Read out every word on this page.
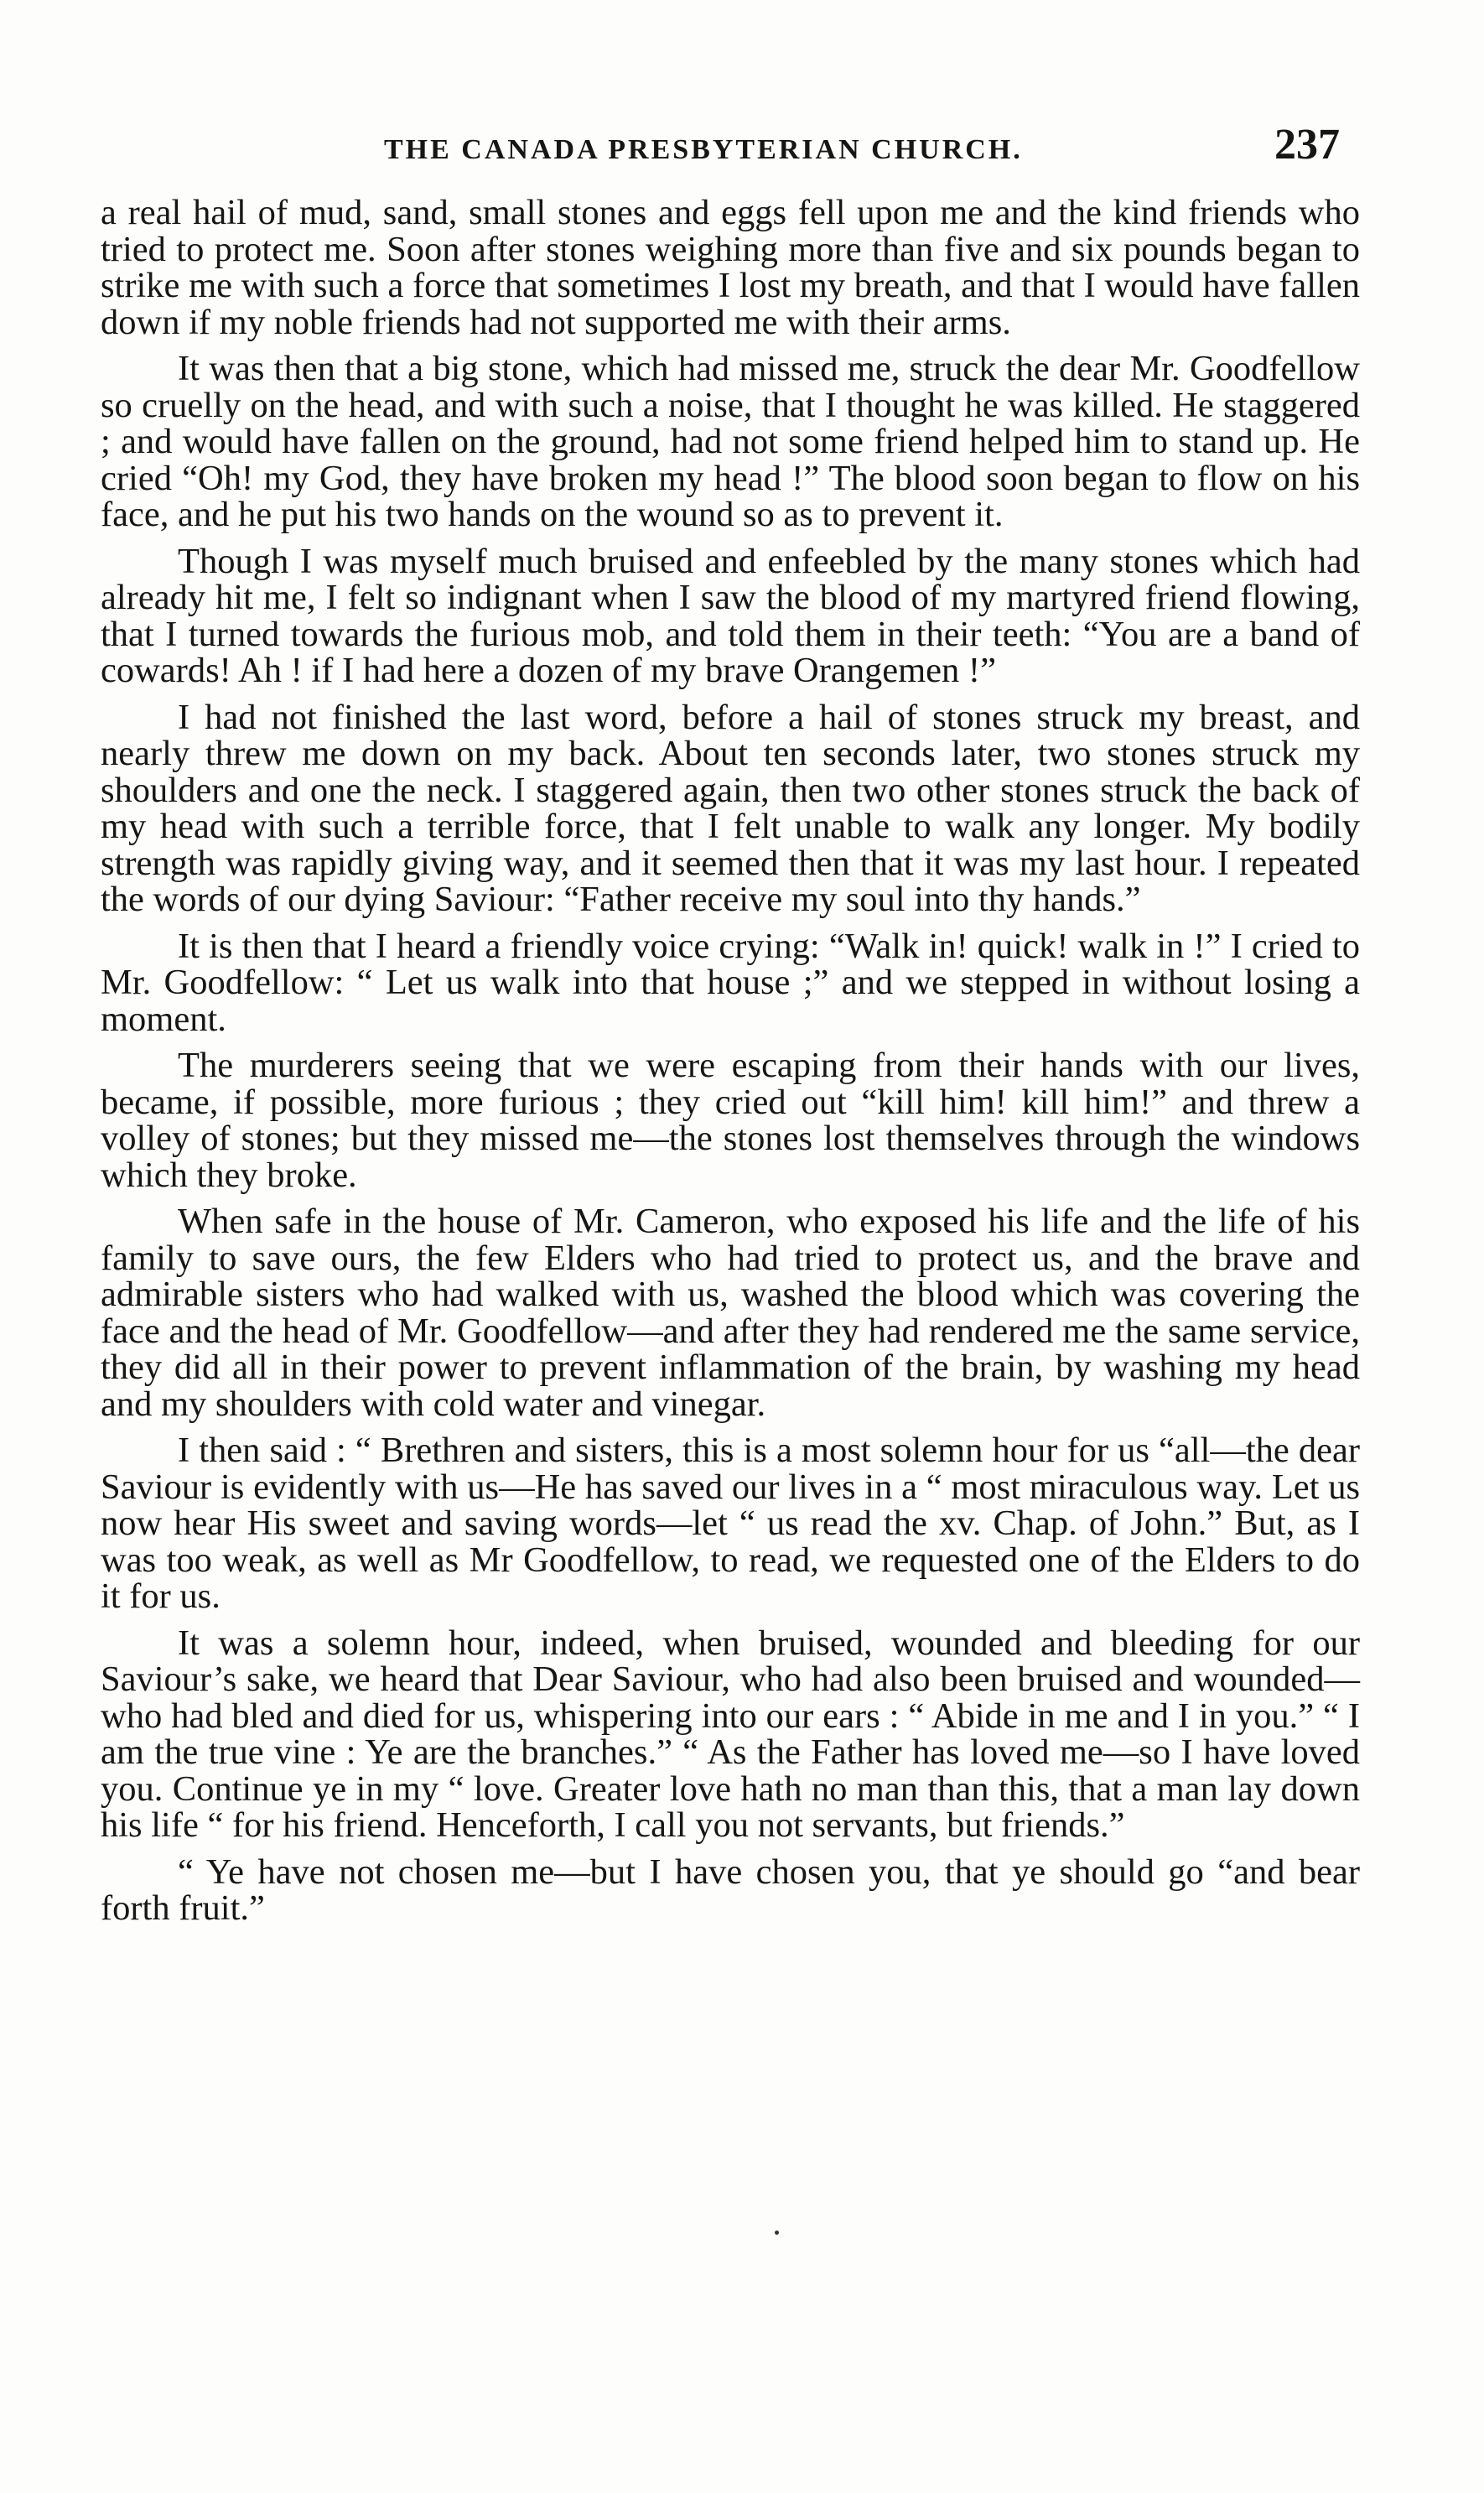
THE CANADA PRESBYTERIAN CHURCH.	237

a real hail of mud, sand, small stones and eggs fell upon me and the kind friends who tried to protect me. Soon after stones weighing more than five and six pounds began to strike me with such a force that sometimes I lost my breath, and that I would have fallen down if my noble friends had not supported me with their arms.

It was then that a big stone, which had missed me, struck the dear Mr. Goodfellow so cruelly on the head, and with such a noise, that I thought he was killed. He staggered ; and would have fallen on the ground, had not some friend helped him to stand up. He cried “Oh! my God, they have broken my head !” The blood soon began to flow on his face, and he put his two hands on the wound so as to prevent it.

Though I was myself much bruised and enfeebled by the many stones which had already hit me, I felt so indignant when I saw the blood of my martyred friend flowing, that I turned towards the furious mob, and told them in their teeth: “You are a band of cowards! Ah ! if I had here a dozen of my brave Orangemen !”

I had not finished the last word, before a hail of stones struck my breast, and nearly threw me down on my back. About ten seconds later, two stones struck my shoulders and one the neck. I staggered again, then two other stones struck the back of my head with such a terrible force, that I felt unable to walk any longer. My bodily strength was rapidly giving way, and it seemed then that it was my last hour. I repeated the words of our dying Saviour: “Father receive my soul into thy hands.”

It is then that I heard a friendly voice crying: “Walk in! quick! walk in !” I cried to Mr. Goodfellow: “ Let us walk into that house ;” and we stepped in without losing a moment.

The murderers seeing that we were escaping from their hands with our lives, became, if possible, more furious ; they cried out “kill him! kill him!” and threw a volley of stones; but they missed me—the stones lost themselves through the windows which they broke.

When safe in the house of Mr. Cameron, who exposed his life and the life of his family to save ours, the few Elders who had tried to protect us, and the brave and admirable sisters who had walked with us, washed the blood which was covering the face and the head of Mr. Goodfellow—and after they had rendered me the same service, they did all in their power to prevent inflammation of the brain, by washing my head and my shoulders with cold water and vinegar.

I then said : “ Brethren and sisters, this is a most solemn hour for us “all—the dear Saviour is evidently with us—He has saved our lives in a “ most miraculous way. Let us now hear His sweet and saving words—let “ us read the xv. Chap. of John.” But, as I was too weak, as well as Mr Goodfellow, to read, we requested one of the Elders to do it for us.

It was a solemn hour, indeed, when bruised, wounded and bleeding for our Saviour’s sake, we heard that Dear Saviour, who had also been bruised and wounded—who had bled and died for us, whispering into our ears : “ Abide in me and I in you.” “ I am the true vine : Ye are the branches.” “ As the Father has loved me—so I have loved you. Continue ye in my “ love. Greater love hath no man than this, that a man lay down his life “ for his friend. Henceforth, I call you not servants, but friends.”

“ Ye have not chosen me—but I have chosen you, that ye should go “and bear forth fruit.”
